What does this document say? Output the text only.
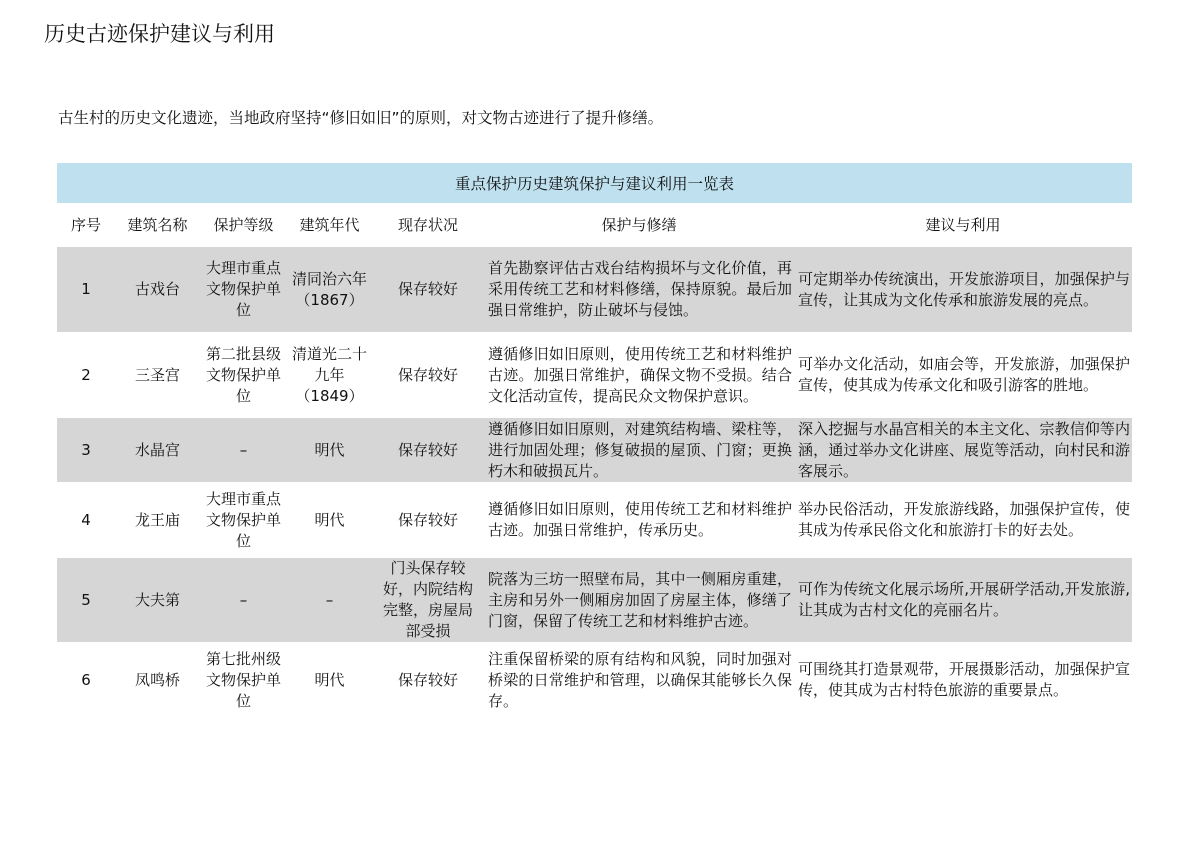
历史古迹保护建议与利用
古生村的历史文化遗迹，当地政府坚持“修旧如旧”的原则，对文物古迹进行了提升修缮。
重点保护历史建筑保护与建议利用一览表
序号	建筑名称	保护等级	建筑年代	现存状况	保护与修缮	建议与利用
1	古戏台	大理市重点文物保护单位	清同治六年（1867）	保存较好	首先勘察评估古戏台结构损坏与文化价值，再采用传统工艺和材料修缮，保持原貌。最后加强日常维护，防止破坏与侵蚀。	可定期举办传统演出，开发旅游项目，加强保护与宣传，让其成为文化传承和旅游发展的亮点。
2	三圣宫	第二批县级文物保护单位	清道光二十九年（1849）	保存较好	遵循修旧如旧原则，使用传统工艺和材料维护古迹。加强日常维护，确保文物不受损。结合文化活动宣传，提高民众文物保护意识。	可举办文化活动，如庙会等，开发旅游，加强保护宣传，使其成为传承文化和吸引游客的胜地。
3	水晶宫	–	明代	保存较好	遵循修旧如旧原则，对建筑结构墙、梁柱等，进行加固处理；修复破损的屋顶、门窗；更换朽木和破损瓦片。	深入挖掘与水晶宫相关的本主文化、宗教信仰等内涵，通过举办文化讲座、展览等活动，向村民和游客展示。
4	龙王庙	大理市重点文物保护单位	明代	保存较好	遵循修旧如旧原则，使用传统工艺和材料维护古迹。加强日常维护，传承历史。	举办民俗活动，开发旅游线路，加强保护宣传，使其成为传承民俗文化和旅游打卡的好去处。
5	大夫第	–	–	门头保存较好，内院结构完整，房屋局部受损	院落为三坊一照壁布局，其中一侧厢房重建，主房和另外一侧厢房加固了房屋主体，修缮了门窗，保留了传统工艺和材料维护古迹。	可作为传统文化展示场所,开展研学活动,开发旅游,让其成为古村文化的亮丽名片。
6	凤鸣桥	第七批州级文物保护单位	明代	保存较好	注重保留桥梁的原有结构和风貌，同时加强对桥梁的日常维护和管理，以确保其能够长久保存。	可围绕其打造景观带，开展摄影活动，加强保护宣传，使其成为古村特色旅游的重要景点。
